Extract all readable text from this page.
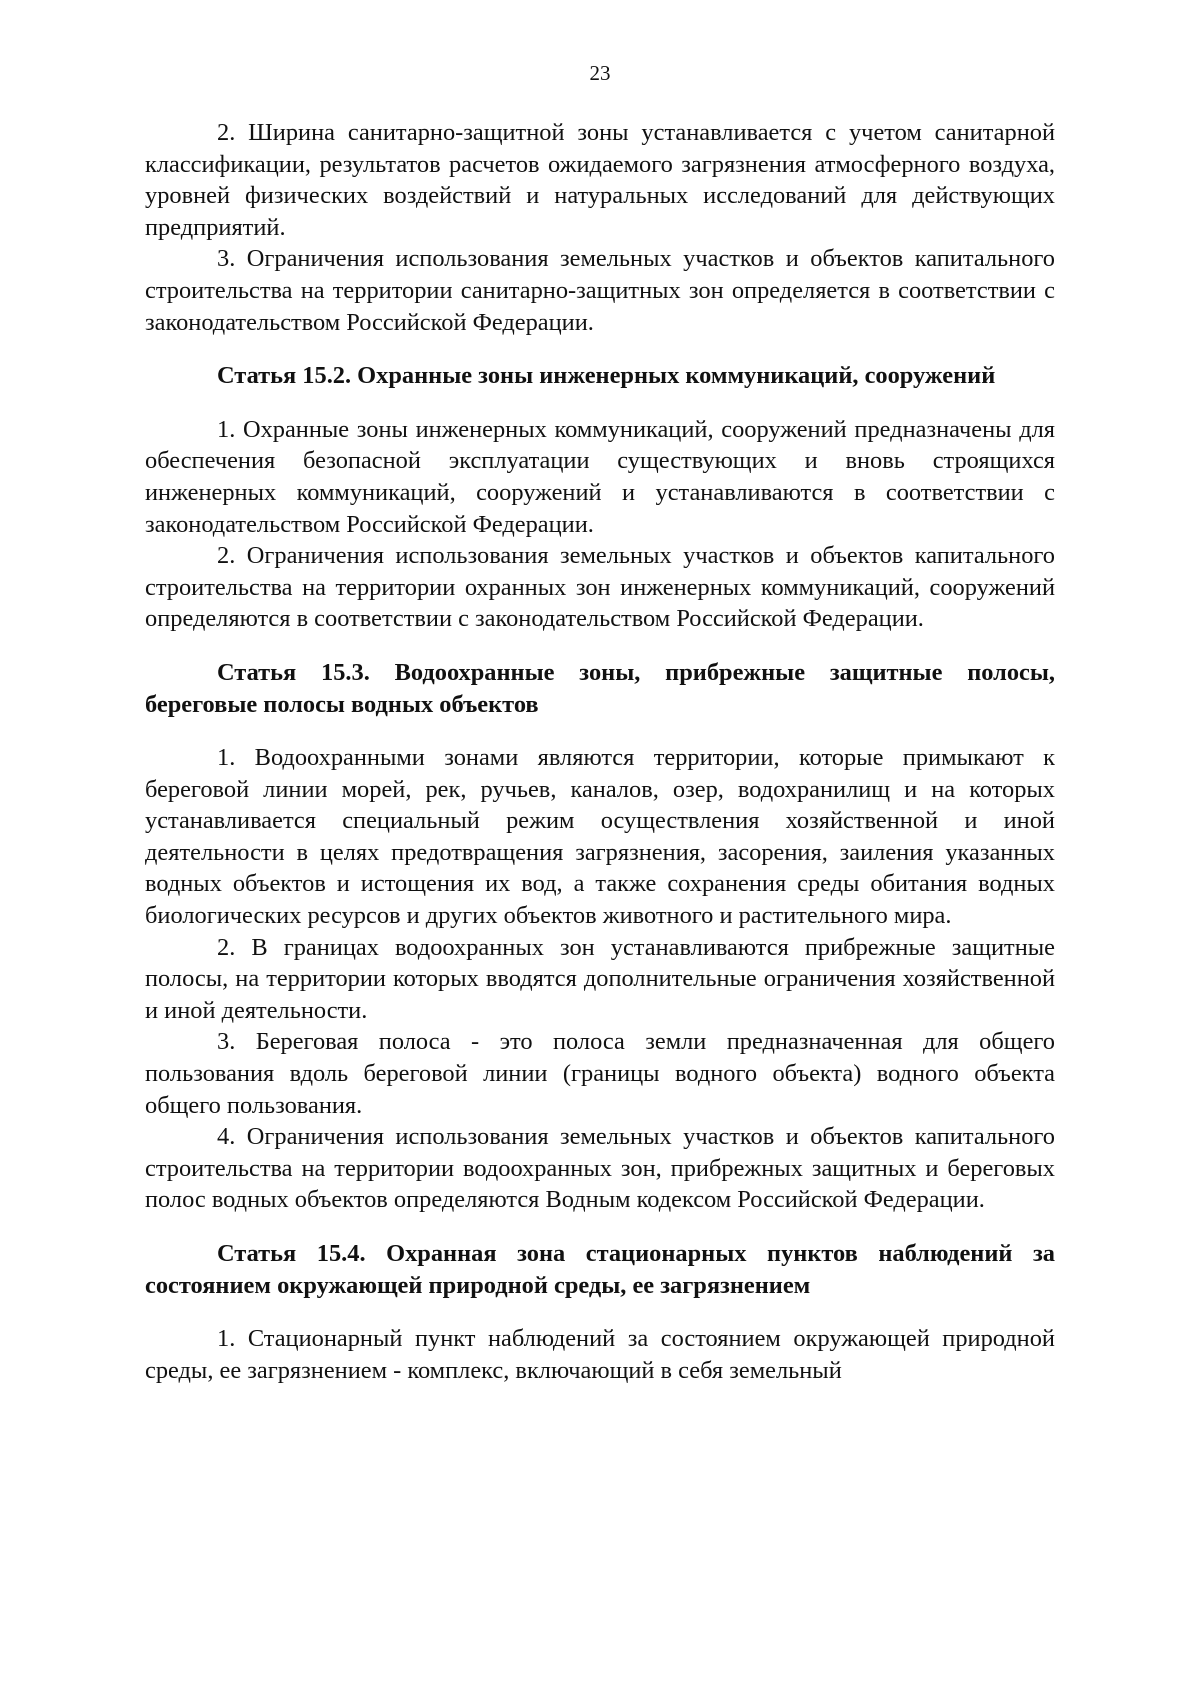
23

2. Ширина санитарно-защитной зоны устанавливается с учетом санитарной классификации, результатов расчетов ожидаемого загрязнения атмосферного воздуха, уровней физических воздействий и натуральных исследований для действующих предприятий.

3. Ограничения использования земельных участков и объектов капитального строительства на территории санитарно-защитных зон определяется в соответствии с законодательством Российской Федерации.

Статья 15.2. Охранные зоны инженерных коммуникаций, сооружений

1. Охранные зоны инженерных коммуникаций, сооружений предназначены для обеспечения безопасной эксплуатации существующих и вновь строящихся инженерных коммуникаций, сооружений и устанавливаются в соответствии с законодательством Российской Федерации.

2. Ограничения использования земельных участков и объектов капитального строительства на территории охранных зон инженерных коммуникаций, сооружений определяются в соответствии с законодательством Российской Федерации.

Статья 15.3. Водоохранные зоны, прибрежные защитные полосы, береговые полосы водных объектов

1. Водоохранными зонами являются территории, которые примыкают к береговой линии морей, рек, ручьев, каналов, озер, водохранилищ и на которых устанавливается специальный режим осуществления хозяйственной и иной деятельности в целях предотвращения загрязнения, засорения, заиления указанных водных объектов и истощения их вод, а также сохранения среды обитания водных биологических ресурсов и других объектов животного и растительного мира.

2. В границах водоохранных зон устанавливаются прибрежные защитные полосы, на территории которых вводятся дополнительные ограничения хозяйственной и иной деятельности.

3. Береговая полоса - это полоса земли предназначенная для общего пользования вдоль береговой линии (границы водного объекта) водного объекта общего пользования.

4. Ограничения использования земельных участков и объектов капитального строительства на территории водоохранных зон, прибрежных защитных и береговых полос водных объектов определяются Водным кодексом Российской Федерации.

Статья 15.4. Охранная зона стационарных пунктов наблюдений за состоянием окружающей природной среды, ее загрязнением

1. Стационарный пункт наблюдений за состоянием окружающей природной среды, ее загрязнением - комплекс, включающий в себя земельный
